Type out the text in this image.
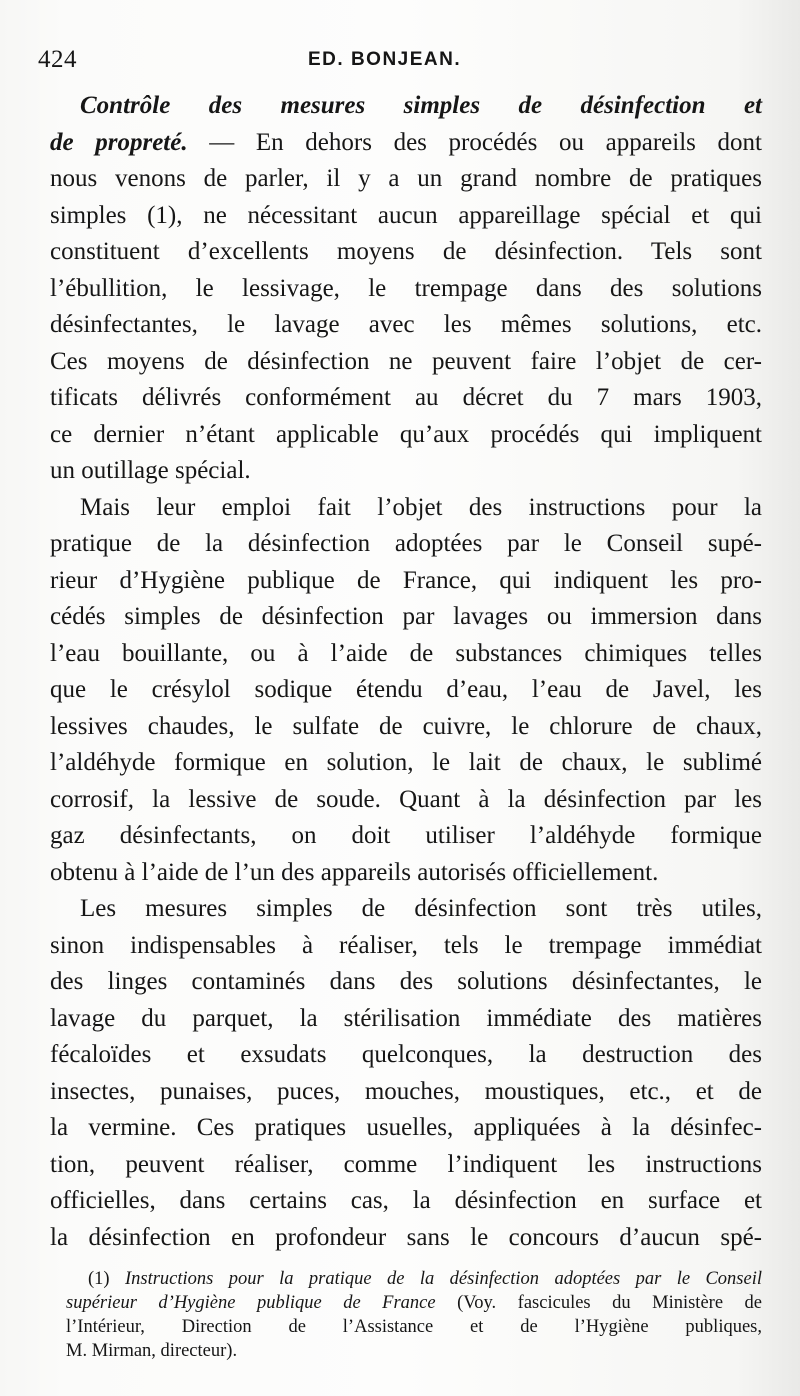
424	ED. BONJEAN.
Contrôle des mesures simples de désinfection et
de propreté. — En dehors des procédés ou appareils dont
nous venons de parler, il y a un grand nombre de pratiques
simples (1), ne nécessitant aucun appareillage spécial et qui
constituent d’excellents moyens de désinfection. Tels sont
l’ébullition, le lessivage, le trempage dans des solutions
désinfectantes, le lavage avec les mêmes solutions, etc.
Ces moyens de désinfection ne peuvent faire l’objet de cer-
tificats délivrés conformément au décret du 7 mars 1903,
ce dernier n’étant applicable qu’aux procédés qui impliquent
un outillage spécial.
Mais leur emploi fait l’objet des instructions pour la
pratique de la désinfection adoptées par le Conseil supé-
rieur d’Hygiène publique de France, qui indiquent les pro-
cédés simples de désinfection par lavages ou immersion dans
l’eau bouillante, ou à l’aide de substances chimiques telles
que le crésylol sodique étendu d’eau, l’eau de Javel, les
lessives chaudes, le sulfate de cuivre, le chlorure de chaux,
l’aldéhyde formique en solution, le lait de chaux, le sublimé
corrosif, la lessive de soude. Quant à la désinfection par les
gaz désinfectants, on doit utiliser l’aldéhyde formique
obtenu à l’aide de l’un des appareils autorisés officiellement.
Les mesures simples de désinfection sont très utiles,
sinon indispensables à réaliser, tels le trempage immédiat
des linges contaminés dans des solutions désinfectantes, le
lavage du parquet, la stérilisation immédiate des matières
fécaloïdes et exsudats quelconques, la destruction des
insectes, punaises, puces, mouches, moustiques, etc., et de
la vermine. Ces pratiques usuelles, appliquées à la désinfec-
tion, peuvent réaliser, comme l’indiquent les instructions
officielles, dans certains cas, la désinfection en surface et
la désinfection en profondeur sans le concours d’aucun spé-
(1) Instructions pour la pratique de la désinfection adoptées par le Conseil
supérieur d’Hygiène publique de France (Voy. fascicules du Ministère de
l’Intérieur, Direction de l’Assistance et de l’Hygiène publiques,
M. Mirman, directeur).
